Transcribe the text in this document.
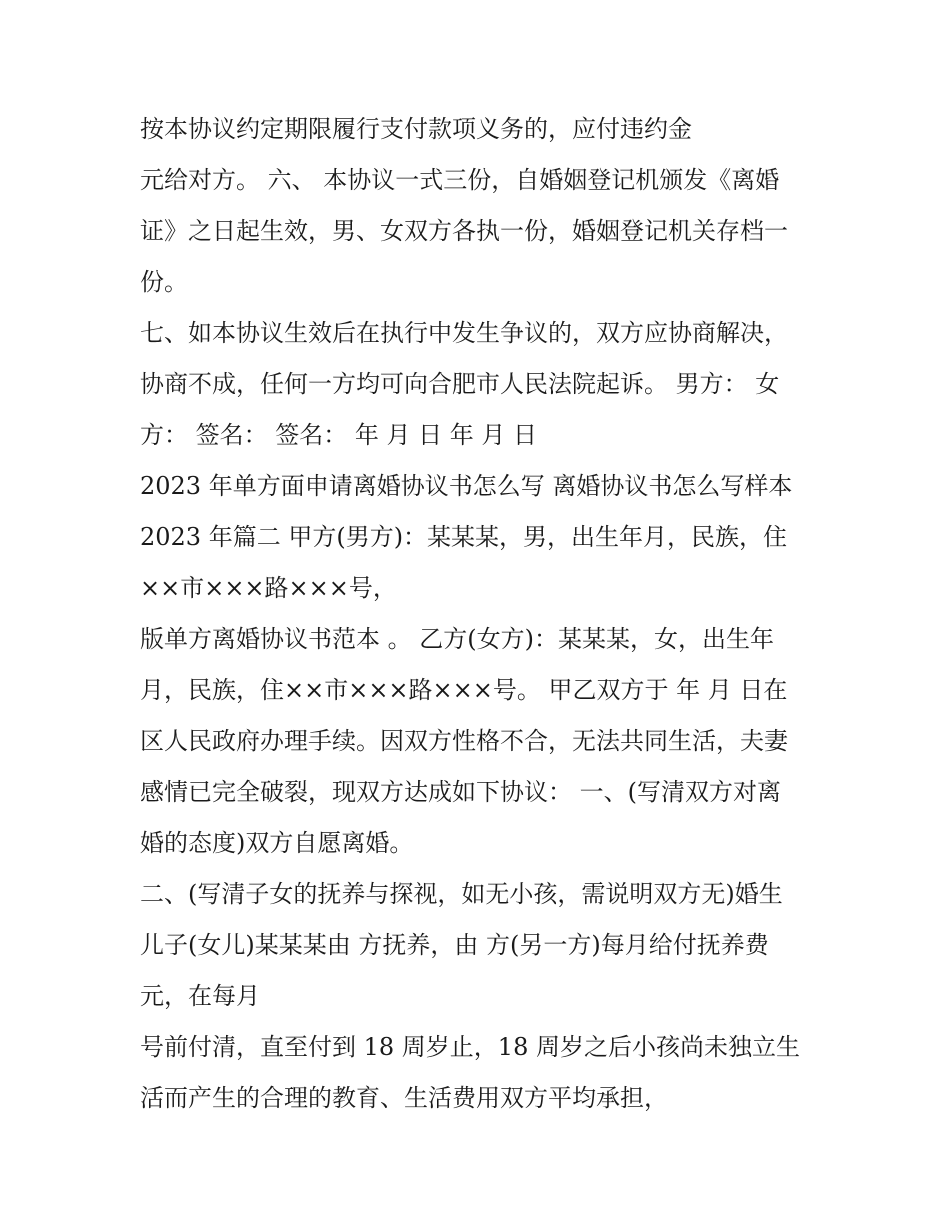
按本协议约定期限履行支付款项义务的，应付违约金
元给对方。 六、 本协议一式三份，自婚姻登记机颁发《离婚
证》之日起生效，男、女双方各执一份，婚姻登记机关存档一
份。
七、如本协议生效后在执行中发生争议的，双方应协商解决，
协商不成，任何一方均可向合肥市人民法院起诉。 男方： 女
方： 签名： 签名： 年 月 日 年 月 日
2023 年单方面申请离婚协议书怎么写 离婚协议书怎么写样本
2023 年篇二 甲方(男方)：某某某，男，出生年月，民族，住
××市×××路×××号，
版单方离婚协议书范本 。 乙方(女方)：某某某，女，出生年
月，民族，住××市×××路×××号。 甲乙双方于 年 月 日在
区人民政府办理手续。因双方性格不合，无法共同生活，夫妻
感情已完全破裂，现双方达成如下协议： 一、(写清双方对离
婚的态度)双方自愿离婚。
二、(写清子女的抚养与探视，如无小孩，需说明双方无)婚生
儿子(女儿)某某某由 方抚养，由 方(另一方)每月给付抚养费
元，在每月
号前付清，直至付到 18 周岁止，18 周岁之后小孩尚未独立生
活而产生的合理的教育、生活费用双方平均承担，
